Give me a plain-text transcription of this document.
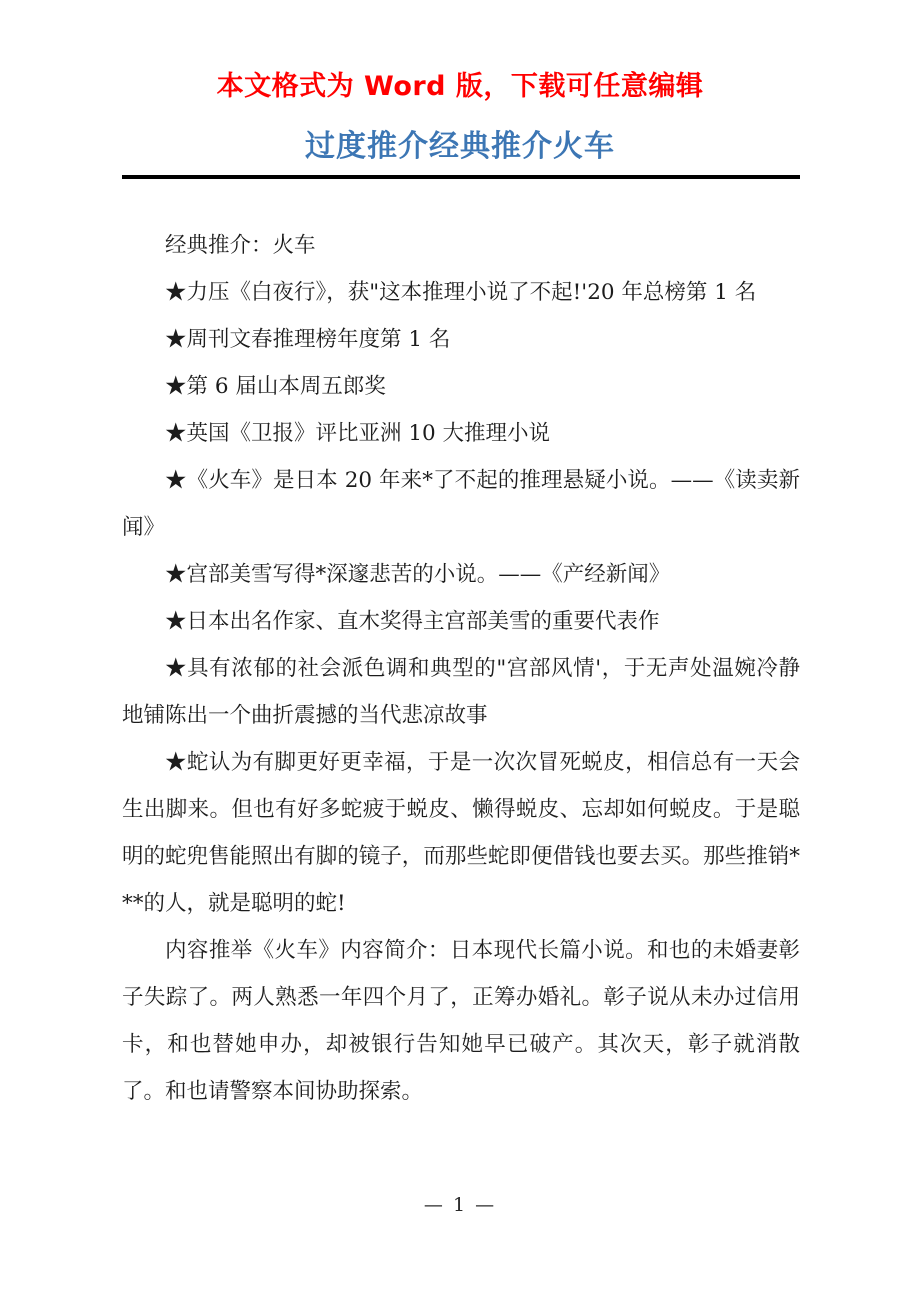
本文格式为 Word 版，下载可任意编辑
过度推介经典推介火车

经典推介：火车

★力压《白夜行》，获"这本推理小说了不起!'20 年总榜第 1 名

★周刊文春推理榜年度第 1 名

★第 6 届山本周五郎奖

★英国《卫报》评比亚洲 10 大推理小说

★《火车》是日本 20 年来*了不起的推理悬疑小说。——《读卖新闻》

★宫部美雪写得*深邃悲苦的小说。——《产经新闻》

★日本出名作家、直木奖得主宫部美雪的重要代表作

★具有浓郁的社会派色调和典型的"宫部风情'，于无声处温婉冷静地铺陈出一个曲折震撼的当代悲凉故事

★蛇认为有脚更好更幸福，于是一次次冒死蜕皮，相信总有一天会生出脚来。但也有好多蛇疲于蜕皮、懒得蜕皮、忘却如何蜕皮。于是聪明的蛇兜售能照出有脚的镜子，而那些蛇即便借钱也要去买。那些推销***的人，就是聪明的蛇!

内容推举《火车》内容简介：日本现代长篇小说。和也的未婚妻彰子失踪了。两人熟悉一年四个月了，正筹办婚礼。彰子说从未办过信用卡，和也替她申办，却被银行告知她早已破产。其次天，彰子就消散了。和也请警察本间协助探索。

— 1 —
